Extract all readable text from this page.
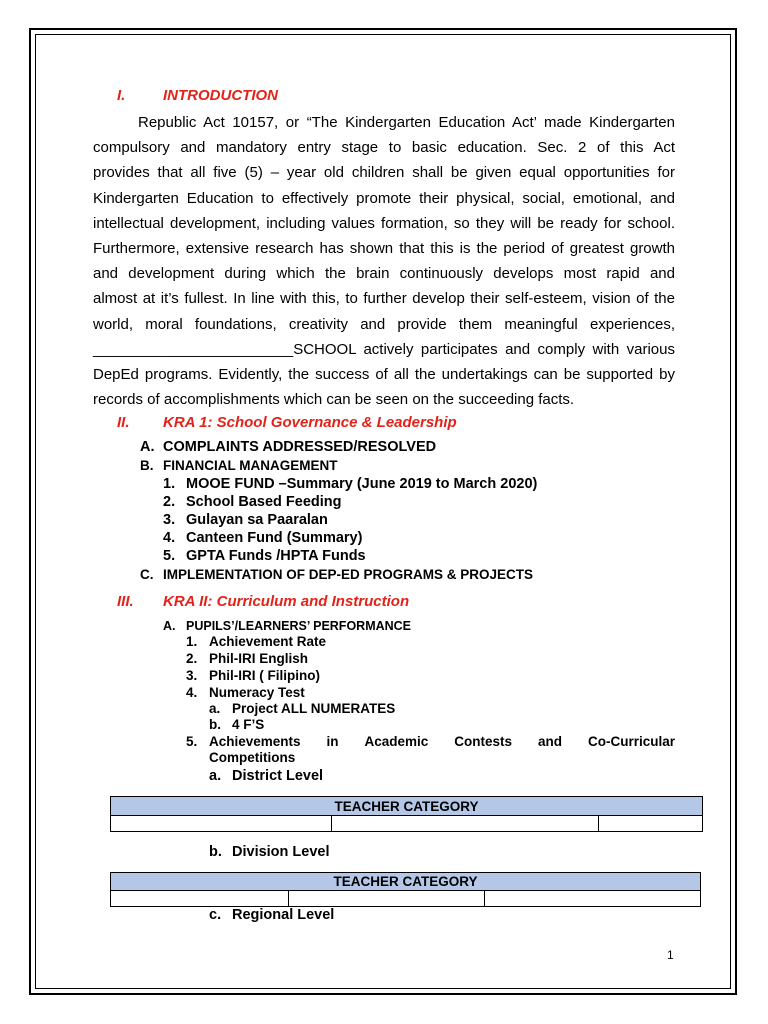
I.	INTRODUCTION
Republic Act 10157, or “The Kindergarten Education Act’ made Kindergarten
compulsory and mandatory entry stage to basic education. Sec. 2 of this Act
provides that all five (5) – year old children shall be given equal opportunities for
Kindergarten Education to effectively promote their physical, social, emotional, and
intellectual development, including values formation, so they will be ready for school.
Furthermore, extensive research has shown that this is the period of greatest growth
and development during which the brain continuously develops most rapid and
almost at it’s fullest. In line with this, to further develop their self-esteem, vision of the
world, moral foundations, creativity and provide them meaningful experiences,
________________________SCHOOL actively participates and comply with various
DepEd programs. Evidently, the success of all the undertakings can be supported by
records of accomplishments which can be seen on the succeeding facts.
II. KRA 1: School Governance & Leadership
A. COMPLAINTS ADDRESSED/RESOLVED
B. FINANCIAL MANAGEMENT
1. MOOE FUND –Summary (June 2019 to March 2020)
2. School Based Feeding
3. Gulayan sa Paaralan
4. Canteen Fund (Summary)
5. GPTA Funds /HPTA Funds
C. IMPLEMENTATION OF DEP-ED PROGRAMS & PROJECTS
III. KRA II: Curriculum and Instruction
A. PUPILS’/LEARNERS’ PERFORMANCE
1. Achievement Rate
2. Phil-IRI English
3. Phil-IRI ( Filipino)
4. Numeracy Test
a. Project ALL NUMERATES
b. 4 F’S
5. Achievements in Academic Contests and Co-Curricular
Competitions
a. District Level
TEACHER CATEGORY

b. Division Level
TEACHER CATEGORY

c. Regional Level
1
